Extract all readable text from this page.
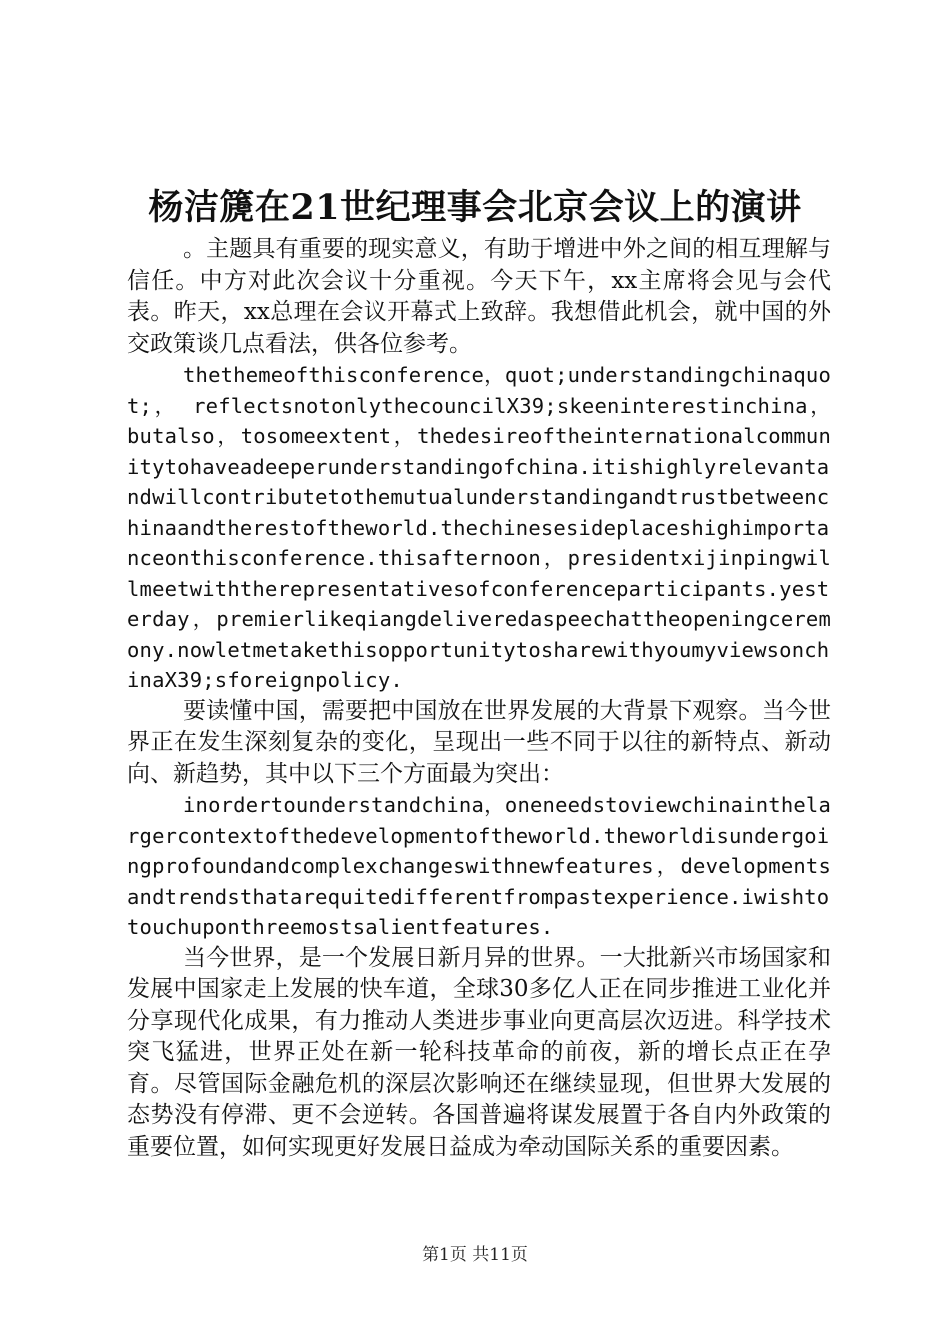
杨洁篪在21世纪理事会北京会议上的演讲

。主题具有重要的现实意义，有助于增进中外之间的相互理解与信任。中方对此次会议十分重视。今天下午，xx主席将会见与会代表。昨天，xx总理在会议开幕式上致辞。我想借此机会，就中国的外交政策谈几点看法，供各位参考。

thethemeofthisconference，quot;understandingchinaquot;， reflectsnotonlythecouncilX39;skeeninterestinchina，butalso，tosomeextent，thedesireoftheinternationalcommunitytohaveadeeperunderstandingofchina.itishighlyrelevantandwillcontributetothemutualunderstandingandtrustbetweenchinaandtherestoftheworld.thechinesesideplaceshighimportanceonthisconference.thisafternoon，presidentxijinpingwillmeetwiththerepresentativesofconferenceparticipants.yesterday，premierlikeqiangdeliveredaspeechattheopeningceremony.nowletmetakethisopportunitytosharewithyoumyviewsonchinaX39;sforeignpolicy.

要读懂中国，需要把中国放在世界发展的大背景下观察。当今世界正在发生深刻复杂的变化，呈现出一些不同于以往的新特点、新动向、新趋势，其中以下三个方面最为突出：

inordertounderstandchina，oneneedstoviewchinainthelargercontextofthedevelopmentoftheworld.theworldisundergoingprofoundandcomplexchangeswithnewfeatures，developmentsandtrendsthatarequitedifferentfrompastexperience.iwishtotouchuponthreemostsalientfeatures.

当今世界，是一个发展日新月异的世界。一大批新兴市场国家和发展中国家走上发展的快车道，全球30多亿人正在同步推进工业化并分享现代化成果，有力推动人类进步事业向更高层次迈进。科学技术突飞猛进，世界正处在新一轮科技革命的前夜，新的增长点正在孕育。尽管国际金融危机的深层次影响还在继续显现，但世界大发展的态势没有停滞、更不会逆转。各国普遍将谋发展置于各自内外政策的重要位置，如何实现更好发展日益成为牵动国际关系的重要因素。

第1页 共11页
